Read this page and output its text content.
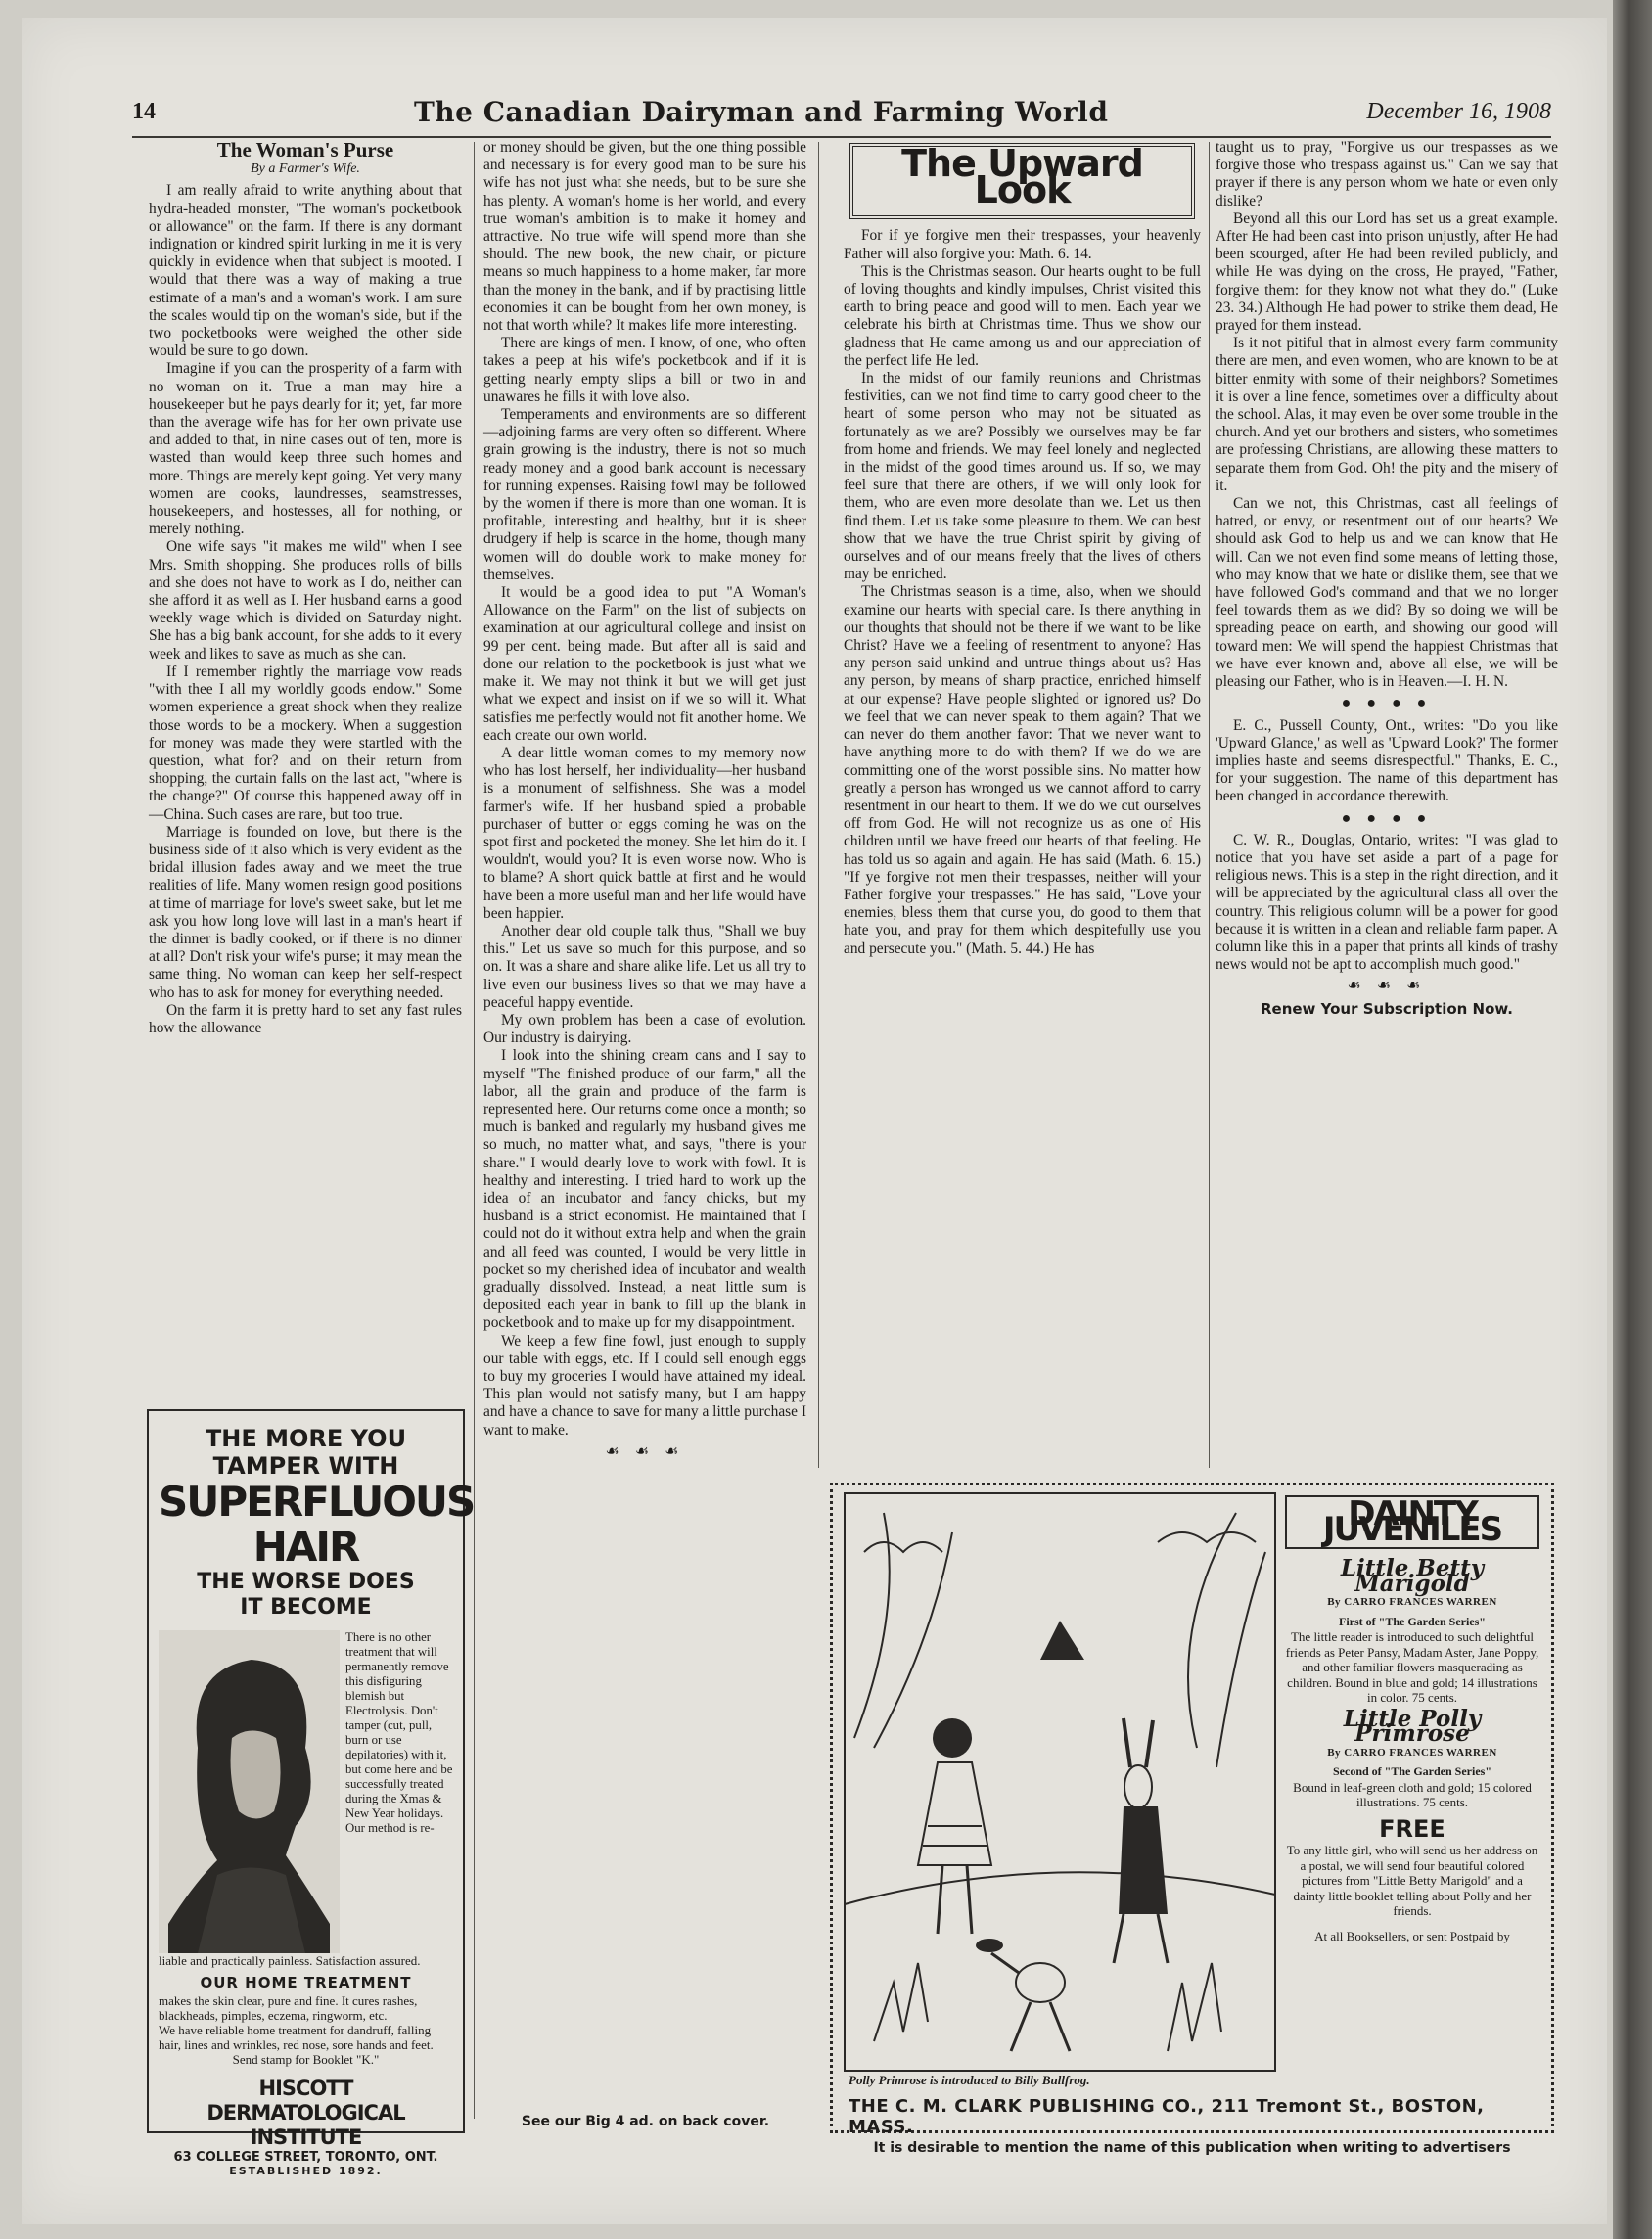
14	The Canadian Dairyman and Farming World	December 16, 1908
The Woman's Purse
By a Farmer's Wife.

I am really afraid to write anything about that hydra-headed monster, "The woman's pocketbook or allowance" on the farm. If there is any dormant indignation or kindred spirit lurking in me it is very quickly in evidence when that subject is mooted. I would that there was a way of making a true estimate of a man's and a woman's work. I am sure the scales would tip on the woman's side, but if the two pocketbooks were weighed the other side would be sure to go down.

Imagine if you can the prosperity of a farm with no woman on it. True a man may hire a housekeeper but he pays dearly for it; yet, far more than the average wife has for her own private use and added to that, in nine cases out of ten, more is wasted than would keep three such homes and more. Things are merely kept going. Yet very many women are cooks, laundresses, seamstresses, housekeepers, and hostesses, all for nothing, or merely nothing.

One wife says "it makes me wild" when I see Mrs. Smith shopping. She produces rolls of bills and she does not have to work as I do, neither can she afford it as well as I. Her husband earns a good weekly wage which is divided on Saturday night. She has a big bank account, for she adds to it every week and likes to save as much as she can.

If I remember rightly the marriage vow reads "with thee I all my worldly goods endow." Some women experience a great shock when they realize those words to be a mockery. When a suggestion for money was made they were startled with the question, what for? and on their return from shopping, the curtain falls on the last act, "where is the change?" Of course this happened away off in—China. Such cases are rare, but too true.

Marriage is founded on love, but there is the business side of it also which is very evident as the bridal illusion fades away and we meet the true realities of life. Many women resign good positions at time of marriage for love's sweet sake, but let me ask you how long love will last in a man's heart if the dinner is badly cooked, or if there is no dinner at all? Don't risk your wife's purse; it may mean the same thing. No woman can keep her self-respect who has to ask for money for everything needed.

On the farm it is pretty hard to set any fast rules how the allowance

or money should be given, but the one thing possible and necessary is for every good man to be sure his wife has not just what she needs, but to be sure she has plenty. A woman's home is her world, and every true woman's ambition is to make it homey and attractive. No true wife will spend more than she should. The new book, the new chair, or picture means so much happiness to a home maker, far more than the money in the bank, and if by practising little economies it can be bought from her own money, is not that worth while? It makes life more interesting.

There are kings of men. I know, of one, who often takes a peep at his wife's pocketbook and if it is getting nearly empty slips a bill or two in and unawares he fills it with love also.

Temperaments and environments are so different—adjoining farms are very often so different. Where grain growing is the industry, there is not so much ready money and a good bank account is necessary for running expenses. Raising fowl may be followed by the women if there is more than one woman. It is profitable, interesting and healthy, but it is sheer drudgery if help is scarce in the home, though many women will do double work to make money for themselves.

It would be a good idea to put "A Woman's Allowance on the Farm" on the list of subjects on examination at our agricultural college and insist on 99 per cent. being made. But after all is said and done our relation to the pocketbook is just what we make it. We may not think it but we will get just what we expect and insist on if we so will it. What satisfies me perfectly would not fit another home. We each create our own world.

A dear little woman comes to my memory now who has lost herself, her individuality—her husband is a monument of selfishness. She was a model farmer's wife. If her husband spied a probable purchaser of butter or eggs coming he was on the spot first and pocketed the money. She let him do it. I wouldn't, would you? It is even worse now. Who is to blame? A short quick battle at first and he would have been a more useful man and her life would have been happier.

Another dear old couple talk thus, "Shall we buy this." Let us save so much for this purpose, and so on. It was a share and share alike life. Let us all try to live even our business lives so that we may have a peaceful happy eventide.

My own problem has been a case of evolution. Our industry is dairying.

I look into the shining cream cans and I say to myself "The finished produce of our farm," all the labor, all the grain and produce of the farm is represented here. Our returns come once a month; so much is banked and regularly my husband gives me so much, no matter what, and says, "there is your share." I would dearly love to work with fowl. It is healthy and interesting. I tried hard to work up the idea of an incubator and fancy chicks, but my husband is a strict economist. He maintained that I could not do it without extra help and when the grain and all feed was counted, I would be very little in pocket so my cherished idea of incubator and wealth gradually dissolved. Instead, a neat little sum is deposited each year in bank to fill up the blank in pocketbook and to make up for my disappointment.

We keep a few fine fowl, just enough to supply our table with eggs, etc. If I could sell enough eggs to buy my groceries I would have attained my ideal. This plan would not satisfy many, but I am happy and have a chance to save for many a little purchase I want to make.

☙ ☙ ☙
See our Big 4 ad. on back cover.
The Upward Look

For if ye forgive men their trespasses, your heavenly Father will also forgive you: Math. 6. 14.

This is the Christmas season. Our hearts ought to be full of loving thoughts and kindly impulses, Christ visited this earth to bring peace and good will to men. Each year we celebrate his birth at Christmas time. Thus we show our gladness that He came among us and our appreciation of the perfect life He led.

In the midst of our family reunions and Christmas festivities, can we not find time to carry good cheer to the heart of some person who may not be situated as fortunately as we are? Possibly we ourselves may be far from home and friends. We may feel lonely and neglected in the midst of the good times around us. If so, we may feel sure that there are others, if we will only look for them, who are even more desolate than we. Let us then find them. Let us take some pleasure to them. We can best show that we have the true Christ spirit by giving of ourselves and of our means freely that the lives of others may be enriched.

The Christmas season is a time, also, when we should examine our hearts with special care. Is there anything in our thoughts that should not be there if we want to be like Christ? Have we a feeling of resentment to anyone? Has any person said unkind and untrue things about us? Has any person, by means of sharp practice, enriched himself at our expense? Have people slighted or ignored us? Do we feel that we can never speak to them again? That we can never do them another favor: That we never want to have anything more to do with them? If we do we are committing one of the worst possible sins. No matter how greatly a person has wronged us we cannot afford to carry resentment in our heart to them. If we do we cut ourselves off from God. He will not recognize us as one of His children until we have freed our hearts of that feeling. He has told us so again and again. He has said (Math. 6. 15.) "If ye forgive not men their trespasses, neither will your Father forgive your trespasses." He has said, "Love your enemies, bless them that curse you, do good to them that hate you, and pray for them which despitefully use you and persecute you." (Math. 5. 44.) He has

taught us to pray, "Forgive us our trespasses as we forgive those who trespass against us." Can we say that prayer if there is any person whom we hate or even only dislike?

Beyond all this our Lord has set us a great example. After He had been cast into prison unjustly, after He had been scourged, after He had been reviled publicly, and while He was dying on the cross, He prayed, "Father, forgive them: for they know not what they do." (Luke 23. 34.) Although He had power to strike them dead, He prayed for them instead.

Is it not pitiful that in almost every farm community there are men, and even women, who are known to be at bitter enmity with some of their neighbors? Sometimes it is over a line fence, sometimes over a difficulty about the school. Alas, it may even be over some trouble in the church. And yet our brothers and sisters, who sometimes are professing Christians, are allowing these matters to separate them from God. Oh! the pity and the misery of it.

Can we not, this Christmas, cast all feelings of hatred, or envy, or resentment out of our hearts? We should ask God to help us and we can know that He will. Can we not even find some means of letting those, who may know that we hate or dislike them, see that we have followed God's command and that we no longer feel towards them as we did? By so doing we will be spreading peace on earth, and showing our good will toward men: We will spend the happiest Christmas that we have ever known and, above all else, we will be pleasing our Father, who is in Heaven.—I. H. N.

● ● ● ●

E. C., Pussell County, Ont., writes: "Do you like 'Upward Glance,' as well as 'Upward Look?' The former implies haste and seems disrespectful." Thanks, E. C., for your suggestion. The name of this department has been changed in accordance therewith.

● ● ● ●

C. W. R., Douglas, Ontario, writes: "I was glad to notice that you have set aside a part of a page for religious news. This is a step in the right direction, and it will be appreciated by the agricultural class all over the country. This religious column will be a power for good because it is written in a clean and reliable farm paper. A column like this in a paper that prints all kinds of trashy news would not be apt to accomplish much good."

☙ ☙ ☙
Renew Your Subscription Now.
THE MORE YOU
TAMPER WITH
SUPERFLUOUS HAIR
THE WORSE DOES
IT BECOME
There is no other treatment that will permanently remove this disfiguring blemish but Electrolysis. Don't tamper (cut, pull, burn or use depilatories) with it, but come here and be successfully treated during the Xmas & New Year holidays. Our method is re-
liable and practically painless. Satisfaction assured.
OUR HOME TREATMENT
makes the skin clear, pure and fine. It cures rashes, blackheads, pimples, eczema, ringworm, etc.
We have reliable home treatment for dandruff, falling hair, lines and wrinkles, red nose, sore hands and feet.
Send stamp for Booklet "K."
HISCOTT DERMATOLOGICAL INSTITUTE
63 COLLEGE STREET, TORONTO, ONT.
ESTABLISHED 1892.
Polly Primrose is introduced to Billy Bullfrog.
DAINTY JUVENILES
Little Betty Marigold
By CARRO FRANCES WARREN
First of "The Garden Series"
The little reader is introduced to such delightful friends as Peter Pansy, Madam Aster, Jane Poppy, and other familiar flowers masquerading as children. Bound in blue and gold; 14 illustrations in color. 75 cents.
Little Polly Primrose
By CARRO FRANCES WARREN
Second of "The Garden Series"
Bound in leaf-green cloth and gold; 15 colored illustrations. 75 cents.
FREE
To any little girl, who will send us her address on a postal, we will send four beautiful colored pictures from "Little Betty Marigold" and a dainty little booklet telling about Polly and her friends.
At all Booksellers, or sent Postpaid by
THE C. M. CLARK PUBLISHING CO., 211 Tremont St., BOSTON, MASS.
It is desirable to mention the name of this publication when writing to advertisers
